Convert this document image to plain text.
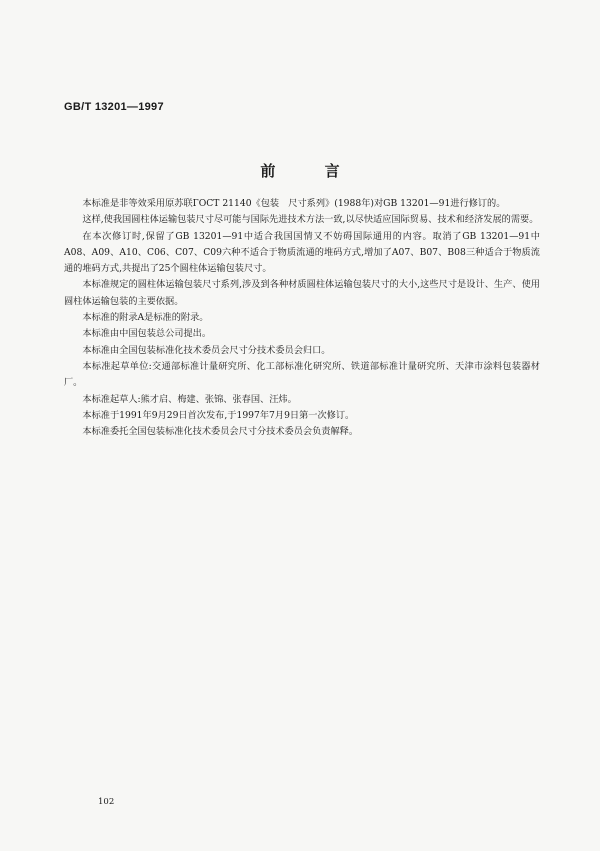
GB/T 13201—1997
前 言

本标准是非等效采用原苏联ГОСТ 21140《包装　尺寸系列》(1988年)对GB 13201—91进行修订的。

这样,使我国圆柱体运输包装尺寸尽可能与国际先进技术方法一致,以尽快适应国际贸易、技术和经济发展的需要。

在本次修订时,保留了GB 13201—91中适合我国国情又不妨碍国际通用的内容。取消了GB 13201—91中A08、A09、A10、C06、C07、C09六种不适合于物质流通的堆码方式,增加了A07、B07、B08三种适合于物质流通的堆码方式,共提出了25个圆柱体运输包装尺寸。

本标准规定的圆柱体运输包装尺寸系列,涉及到各种材质圆柱体运输包装尺寸的大小,这些尺寸是设计、生产、使用圆柱体运输包装的主要依据。

本标准的附录A是标准的附录。

本标准由中国包装总公司提出。

本标准由全国包装标准化技术委员会尺寸分技术委员会归口。

本标准起草单位:交通部标准计量研究所、化工部标准化研究所、铁道部标准计量研究所、天津市涂料包装器材厂。

本标准起草人:熊才启、梅建、张锦、张春国、汪炜。

本标准于1991年9月29日首次发布,于1997年7月9日第一次修订。

本标准委托全国包装标准化技术委员会尺寸分技术委员会负责解释。

102
